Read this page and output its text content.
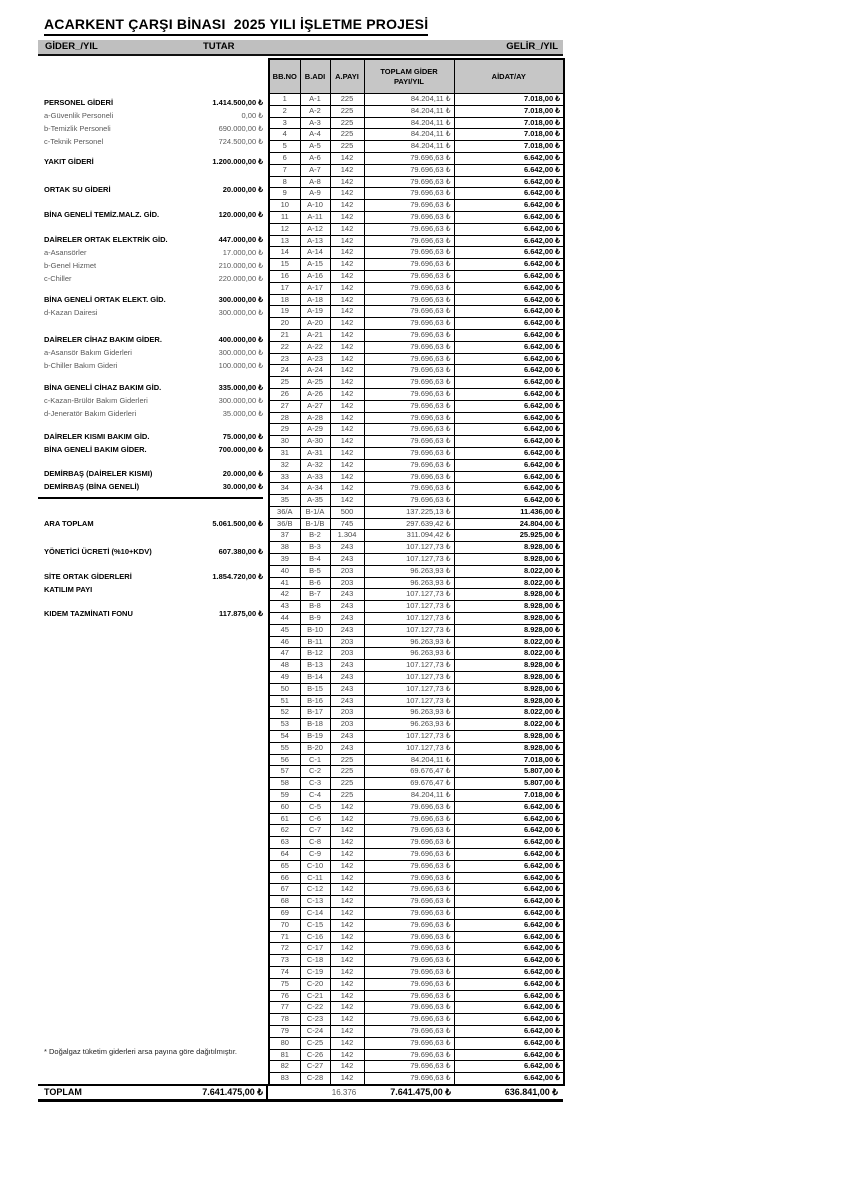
ACARKENT ÇARŞI BİNASI  2025 YILI İŞLETME PROJESİ
GİDER_/YIL	TUTAR	GELİR_/YIL
PERSONEL GİDERİ	1.414.500,00 ₺
a-Güvenlik Personeli	0,00 ₺
b-Temizlik Personeli	690.000,00 ₺
c-Teknik Personel	724.500,00 ₺
YAKIT GİDERİ	1.200.000,00 ₺
ORTAK SU GİDERİ	20.000,00 ₺
BİNA GENELİ TEMİZ.MALZ. GİD.	120.000,00 ₺
DAİRELER ORTAK ELEKTRİK GİD.	447.000,00 ₺
a-Asansörler	17.000,00 ₺
b-Genel Hizmet	210.000,00 ₺
c-Chiller	220.000,00 ₺
BİNA GENELİ ORTAK ELEKT. GİD.	300.000,00 ₺
d-Kazan Dairesi	300.000,00 ₺
DAİRELER CİHAZ BAKIM GİDER.	400.000,00 ₺
a-Asansör Bakım Giderleri	300.000,00 ₺
b-Chiller Bakım Gideri	100.000,00 ₺
BİNA GENELİ CİHAZ BAKIM GİD.	335.000,00 ₺
c-Kazan-Brülör Bakım Giderleri	300.000,00 ₺
d-Jeneratör Bakım Giderleri	35.000,00 ₺
DAİRELER KISMI BAKIM GİD.	75.000,00 ₺
BİNA GENELİ BAKIM GİDER.	700.000,00 ₺
DEMİRBAŞ (DAİRELER KISMI)	20.000,00 ₺
DEMİRBAŞ (BİNA GENELİ)	30.000,00 ₺
ARA TOPLAM	5.061.500,00 ₺
YÖNETİCİ ÜCRETİ (%10+KDV)	607.380,00 ₺
SİTE ORTAK GİDERLERİ	1.854.720,00 ₺
KATILIM PAYI
KIDEM TAZMİNATI FONU	117.875,00 ₺
BB.NO	B.ADI	A.PAYI	TOPLAM GİDER PAYI/YIL	AİDAT/AY
1	A-1	225	84.204,11 ₺	7.018,00 ₺
2	A-2	225	84.204,11 ₺	7.018,00 ₺
3	A-3	225	84.204,11 ₺	7.018,00 ₺
4	A-4	225	84.204,11 ₺	7.018,00 ₺
5	A-5	225	84.204,11 ₺	7.018,00 ₺
6	A-6	142	79.696,63 ₺	6.642,00 ₺
7	A-7	142	79.696,63 ₺	6.642,00 ₺
8	A-8	142	79.696,63 ₺	6.642,00 ₺
9	A-9	142	79.696,63 ₺	6.642,00 ₺
10	A-10	142	79.696,63 ₺	6.642,00 ₺
11	A-11	142	79.696,63 ₺	6.642,00 ₺
12	A-12	142	79.696,63 ₺	6.642,00 ₺
13	A-13	142	79.696,63 ₺	6.642,00 ₺
14	A-14	142	79.696,63 ₺	6.642,00 ₺
15	A-15	142	79.696,63 ₺	6.642,00 ₺
16	A-16	142	79.696,63 ₺	6.642,00 ₺
17	A-17	142	79.696,63 ₺	6.642,00 ₺
18	A-18	142	79.696,63 ₺	6.642,00 ₺
19	A-19	142	79.696,63 ₺	6.642,00 ₺
20	A-20	142	79.696,63 ₺	6.642,00 ₺
21	A-21	142	79.696,63 ₺	6.642,00 ₺
22	A-22	142	79.696,63 ₺	6.642,00 ₺
23	A-23	142	79.696,63 ₺	6.642,00 ₺
24	A-24	142	79.696,63 ₺	6.642,00 ₺
25	A-25	142	79.696,63 ₺	6.642,00 ₺
26	A-26	142	79.696,63 ₺	6.642,00 ₺
27	A-27	142	79.696,63 ₺	6.642,00 ₺
28	A-28	142	79.696,63 ₺	6.642,00 ₺
29	A-29	142	79.696,63 ₺	6.642,00 ₺
30	A-30	142	79.696,63 ₺	6.642,00 ₺
31	A-31	142	79.696,63 ₺	6.642,00 ₺
32	A-32	142	79.696,63 ₺	6.642,00 ₺
33	A-33	142	79.696,63 ₺	6.642,00 ₺
34	A-34	142	79.696,63 ₺	6.642,00 ₺
35	A-35	142	79.696,63 ₺	6.642,00 ₺
36/A	B-1/A	500	137.225,13 ₺	11.436,00 ₺
36/B	B-1/B	745	297.639,42 ₺	24.804,00 ₺
37	B-2	1.304	311.094,42 ₺	25.925,00 ₺
38	B-3	243	107.127,73 ₺	8.928,00 ₺
39	B-4	243	107.127,73 ₺	8.928,00 ₺
40	B-5	203	96.263,93 ₺	8.022,00 ₺
41	B-6	203	96.263,93 ₺	8.022,00 ₺
42	B-7	243	107.127,73 ₺	8.928,00 ₺
43	B-8	243	107.127,73 ₺	8.928,00 ₺
44	B-9	243	107.127,73 ₺	8.928,00 ₺
45	B-10	243	107.127,73 ₺	8.928,00 ₺
46	B-11	203	96.263,93 ₺	8.022,00 ₺
47	B-12	203	96.263,93 ₺	8.022,00 ₺
48	B-13	243	107.127,73 ₺	8.928,00 ₺
49	B-14	243	107.127,73 ₺	8.928,00 ₺
50	B-15	243	107.127,73 ₺	8.928,00 ₺
51	B-16	243	107.127,73 ₺	8.928,00 ₺
52	B-17	203	96.263,93 ₺	8.022,00 ₺
53	B-18	203	96.263,93 ₺	8.022,00 ₺
54	B-19	243	107.127,73 ₺	8.928,00 ₺
55	B-20	243	107.127,73 ₺	8.928,00 ₺
56	C-1	225	84.204,11 ₺	7.018,00 ₺
57	C-2	225	69.676,47 ₺	5.807,00 ₺
58	C-3	225	69.676,47 ₺	5.807,00 ₺
59	C-4	225	84.204,11 ₺	7.018,00 ₺
60	C-5	142	79.696,63 ₺	6.642,00 ₺
61	C-6	142	79.696,63 ₺	6.642,00 ₺
62	C-7	142	79.696,63 ₺	6.642,00 ₺
63	C-8	142	79.696,63 ₺	6.642,00 ₺
64	C-9	142	79.696,63 ₺	6.642,00 ₺
65	C-10	142	79.696,63 ₺	6.642,00 ₺
66	C-11	142	79.696,63 ₺	6.642,00 ₺
67	C-12	142	79.696,63 ₺	6.642,00 ₺
68	C-13	142	79.696,63 ₺	6.642,00 ₺
69	C-14	142	79.696,63 ₺	6.642,00 ₺
70	C-15	142	79.696,63 ₺	6.642,00 ₺
71	C-16	142	79.696,63 ₺	6.642,00 ₺
72	C-17	142	79.696,63 ₺	6.642,00 ₺
73	C-18	142	79.696,63 ₺	6.642,00 ₺
74	C-19	142	79.696,63 ₺	6.642,00 ₺
75	C-20	142	79.696,63 ₺	6.642,00 ₺
76	C-21	142	79.696,63 ₺	6.642,00 ₺
77	C-22	142	79.696,63 ₺	6.642,00 ₺
78	C-23	142	79.696,63 ₺	6.642,00 ₺
79	C-24	142	79.696,63 ₺	6.642,00 ₺
80	C-25	142	79.696,63 ₺	6.642,00 ₺
81	C-26	142	79.696,63 ₺	6.642,00 ₺
82	C-27	142	79.696,63 ₺	6.642,00 ₺
83	C-28	142	79.696,63 ₺	6.642,00 ₺
* Doğalgaz tüketim giderleri arsa payına göre dağıtılmıştır.
TOPLAM	7.641.475,00 ₺	16.376	7.641.475,00 ₺	636.841,00 ₺
